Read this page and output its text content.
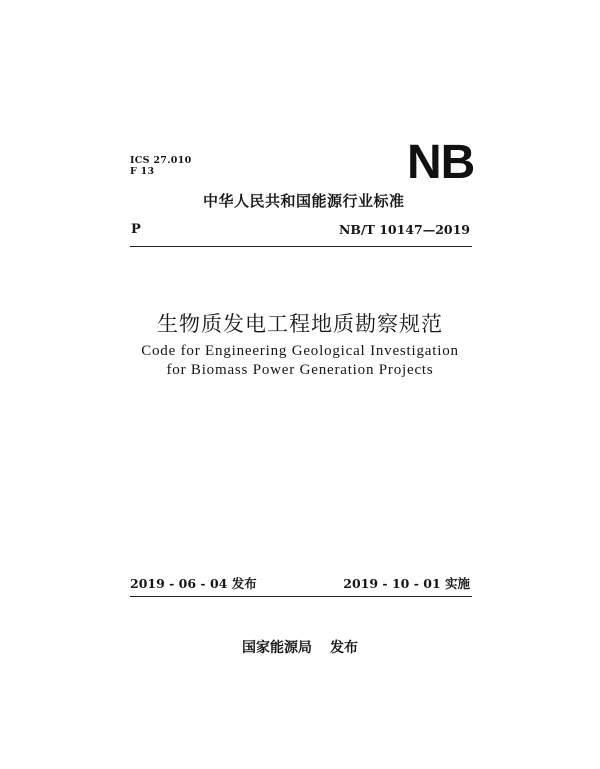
ICS 27.010
F 13	NB
中华人民共和国能源行业标准
P	NB/T 10147—2019
生物质发电工程地质勘察规范
Code for Engineering Geological Investigation
for Biomass Power Generation Projects
2019 - 06 - 04 发布	2019 - 10 - 01 实施
国家能源局 发布
